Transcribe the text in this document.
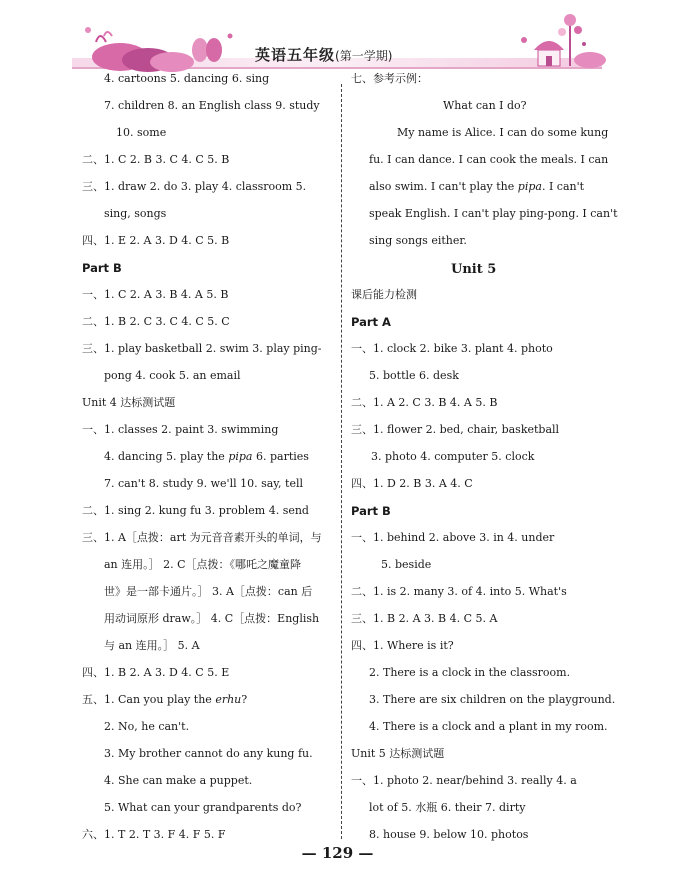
英语五年级(第一学期)
4. cartoons 5. dancing 6. sing
7. children 8. an English class 9. study
10. some
二、1. C 2. B 3. C 4. C 5. B
三、1. draw 2. do 3. play 4. classroom 5.
sing, songs
四、1. E 2. A 3. D 4. C 5. B
Part B
一、1. C 2. A 3. B 4. A 5. B
二、1. B 2. C 3. C 4. C 5. C
三、1. play basketball 2. swim 3. play ping-
pong 4. cook 5. an email
Unit 4 达标测试题
一、1. classes 2. paint 3. swimming
4. dancing 5. play the pipa 6. parties
7. can't 8. study 9. we'll 10. say, tell
二、1. sing 2. kung fu 3. problem 4. send
三、1. A［点拨：art 为元音音素开头的单词，与
an 连用。］ 2. C［点拨：《哪吒之魔童降
世》是一部卡通片。］ 3. A［点拨：can 后
用动词原形 draw。］ 4. C［点拨：English
与 an 连用。］ 5. A
四、1. B 2. A 3. D 4. C 5. E
五、1. Can you play the erhu?
2. No, he can't.
3. My brother cannot do any kung fu.
4. She can make a puppet.
5. What can your grandparents do?
六、1. T 2. T 3. F 4. F 5. F
Unit 5
七、参考示例：
What can I do?
My name is Alice. I can do some kung
fu. I can dance. I can cook the meals. I can
also swim. I can't play the pipa. I can't
speak English. I can't play ping-pong. I can't
sing songs either.
课后能力检测
Part A
一、1. clock 2. bike 3. plant 4. photo
5. bottle 6. desk
二、1. A 2. C 3. B 4. A 5. B
三、1. flower 2. bed, chair, basketball
3. photo 4. computer 5. clock
四、1. D 2. B 3. A 4. C
Part B
一、1. behind 2. above 3. in 4. under
5. beside
二、1. is 2. many 3. of 4. into 5. What's
三、1. B 2. A 3. B 4. C 5. A
四、1. Where is it?
2. There is a clock in the classroom.
3. There are six children on the playground.
4. There is a clock and a plant in my room.
Unit 5 达标测试题
一、1. photo 2. near/behind 3. really 4. a
lot of 5. 水瓶 6. their 7. dirty
8. house 9. below 10. photos
— 129 —
